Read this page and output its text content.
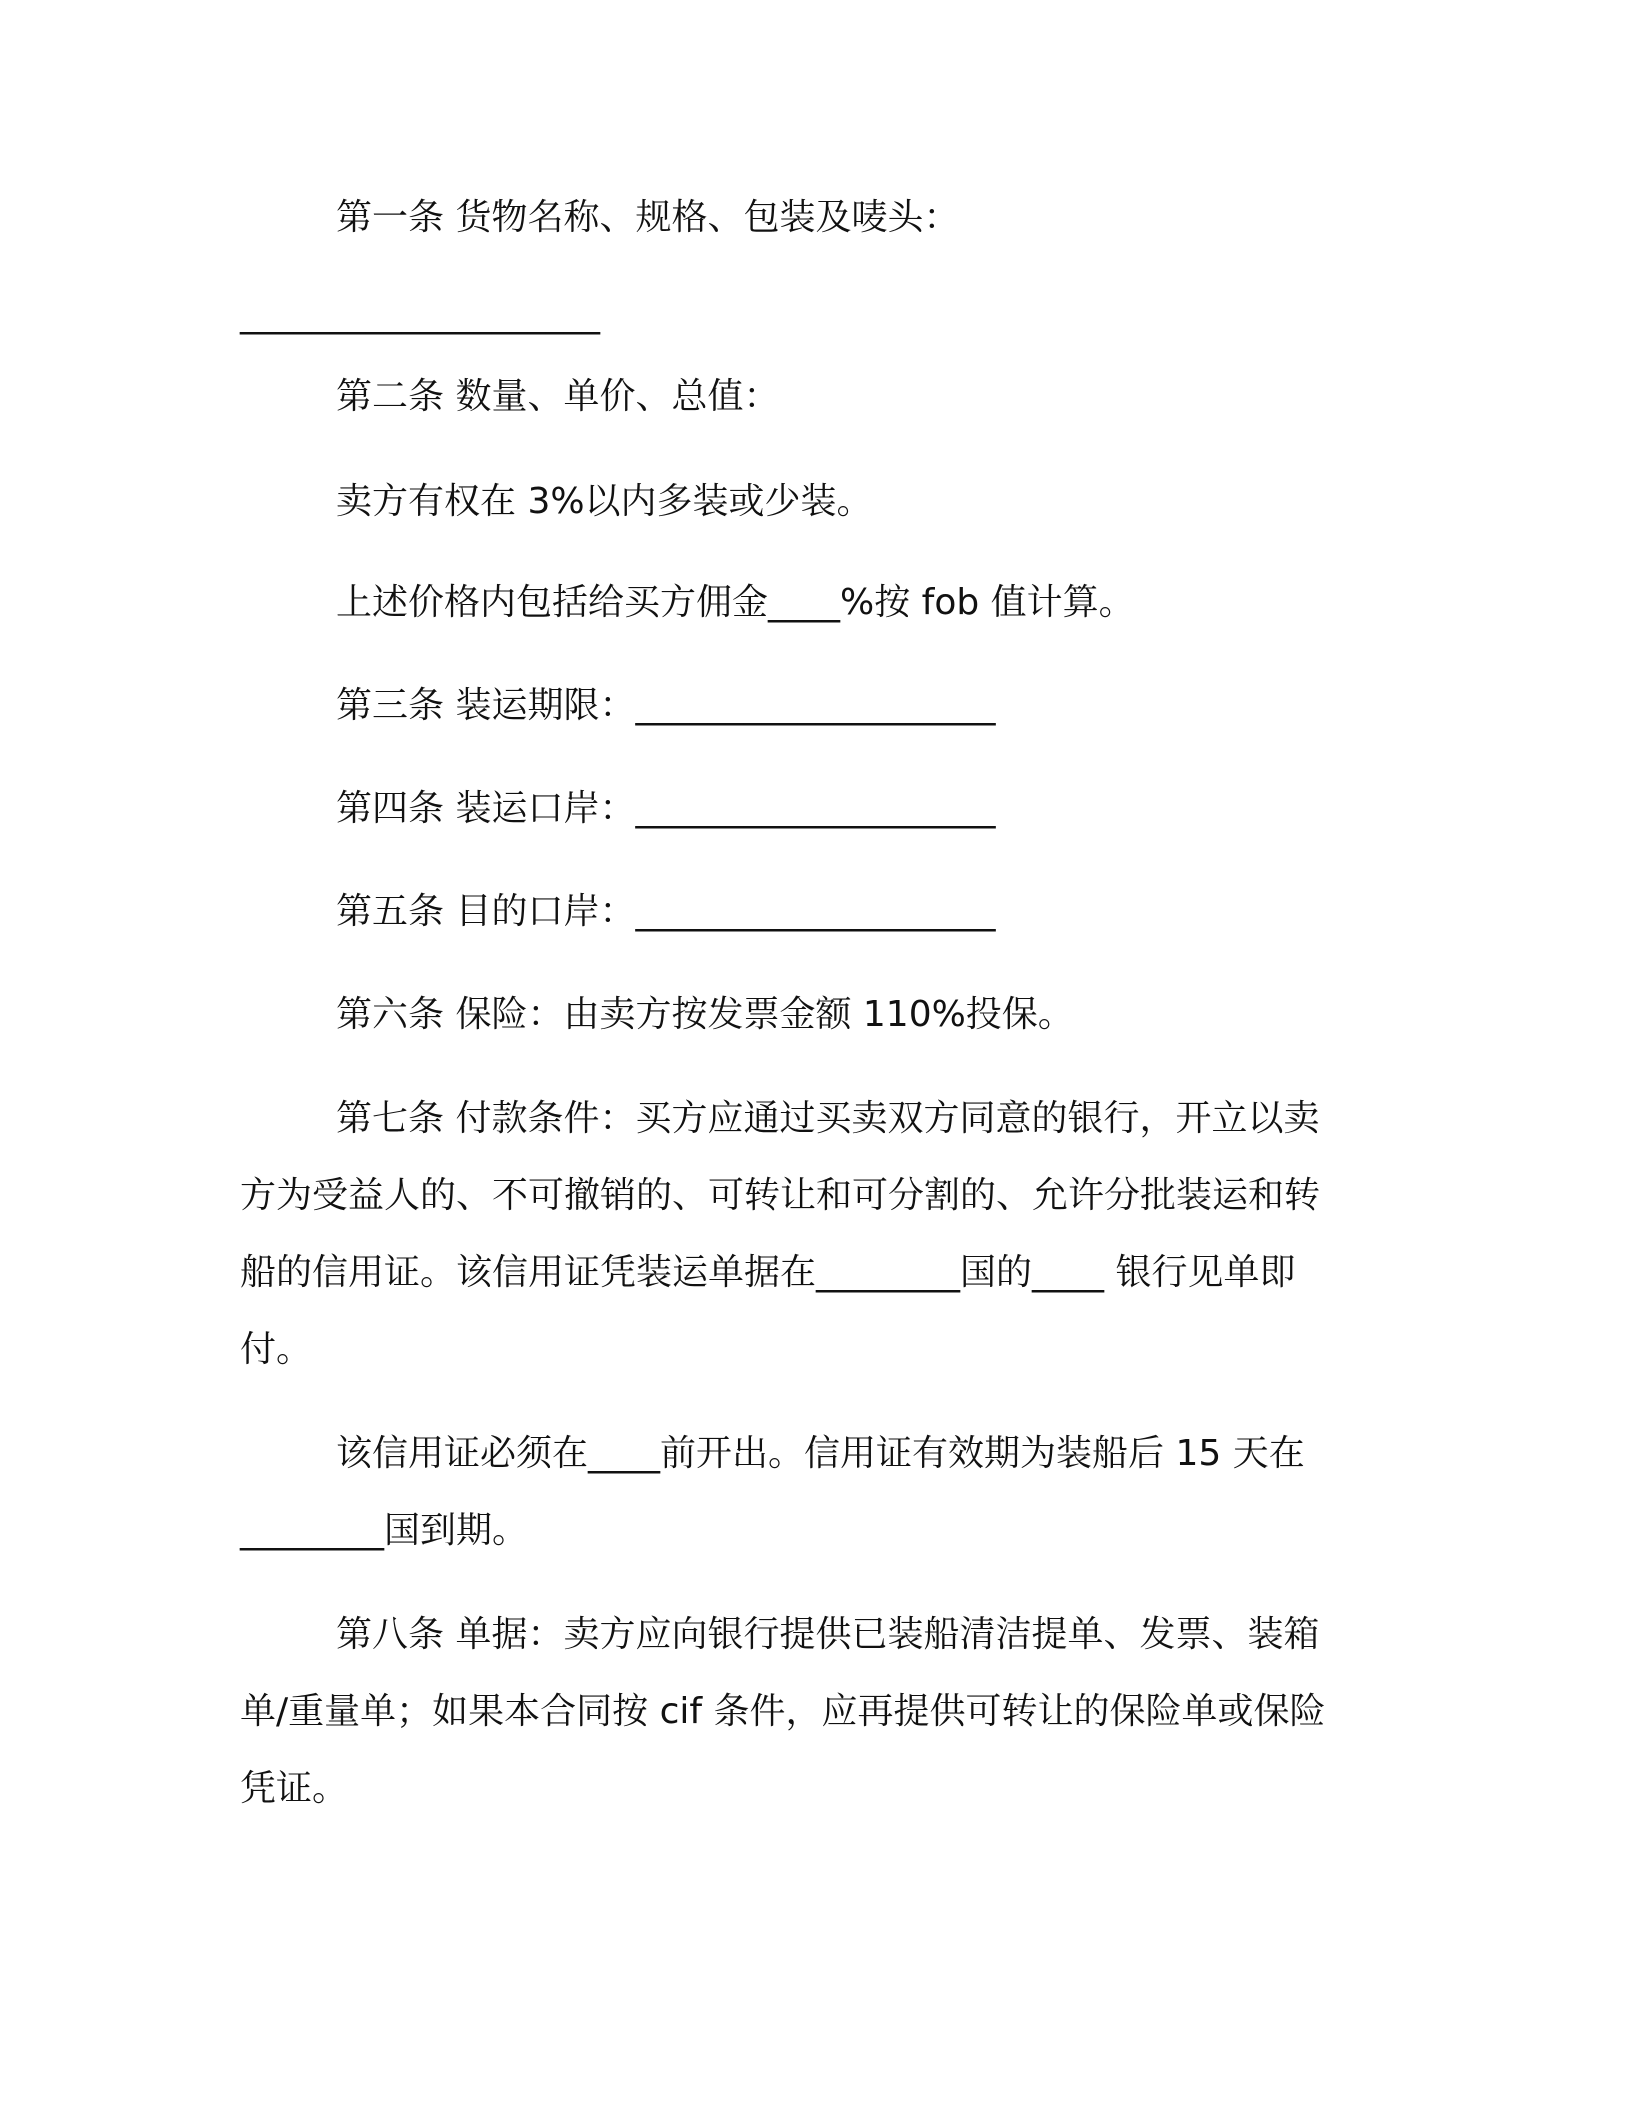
第一条 货物名称、规格、包装及唛头：
____________________
第二条 数量、单价、总值：
卖方有权在 3%以内多装或少装。
上述价格内包括给买方佣金____%按 fob 值计算。
第三条 装运期限：____________________
第四条 装运口岸：____________________
第五条 目的口岸：____________________
第六条 保险：由卖方按发票金额 110%投保。
第七条 付款条件：买方应通过买卖双方同意的银行，开立以卖
方为受益人的、不可撤销的、可转让和可分割的、允许分批装运和转
船的信用证。该信用证凭装运单据在________国的____ 银行见单即
付。
该信用证必须在____前开出。信用证有效期为装船后 15 天在
________国到期。
第八条 单据：卖方应向银行提供已装船清洁提单、发票、装箱
单/重量单；如果本合同按 cif 条件，应再提供可转让的保险单或保险
凭证。
